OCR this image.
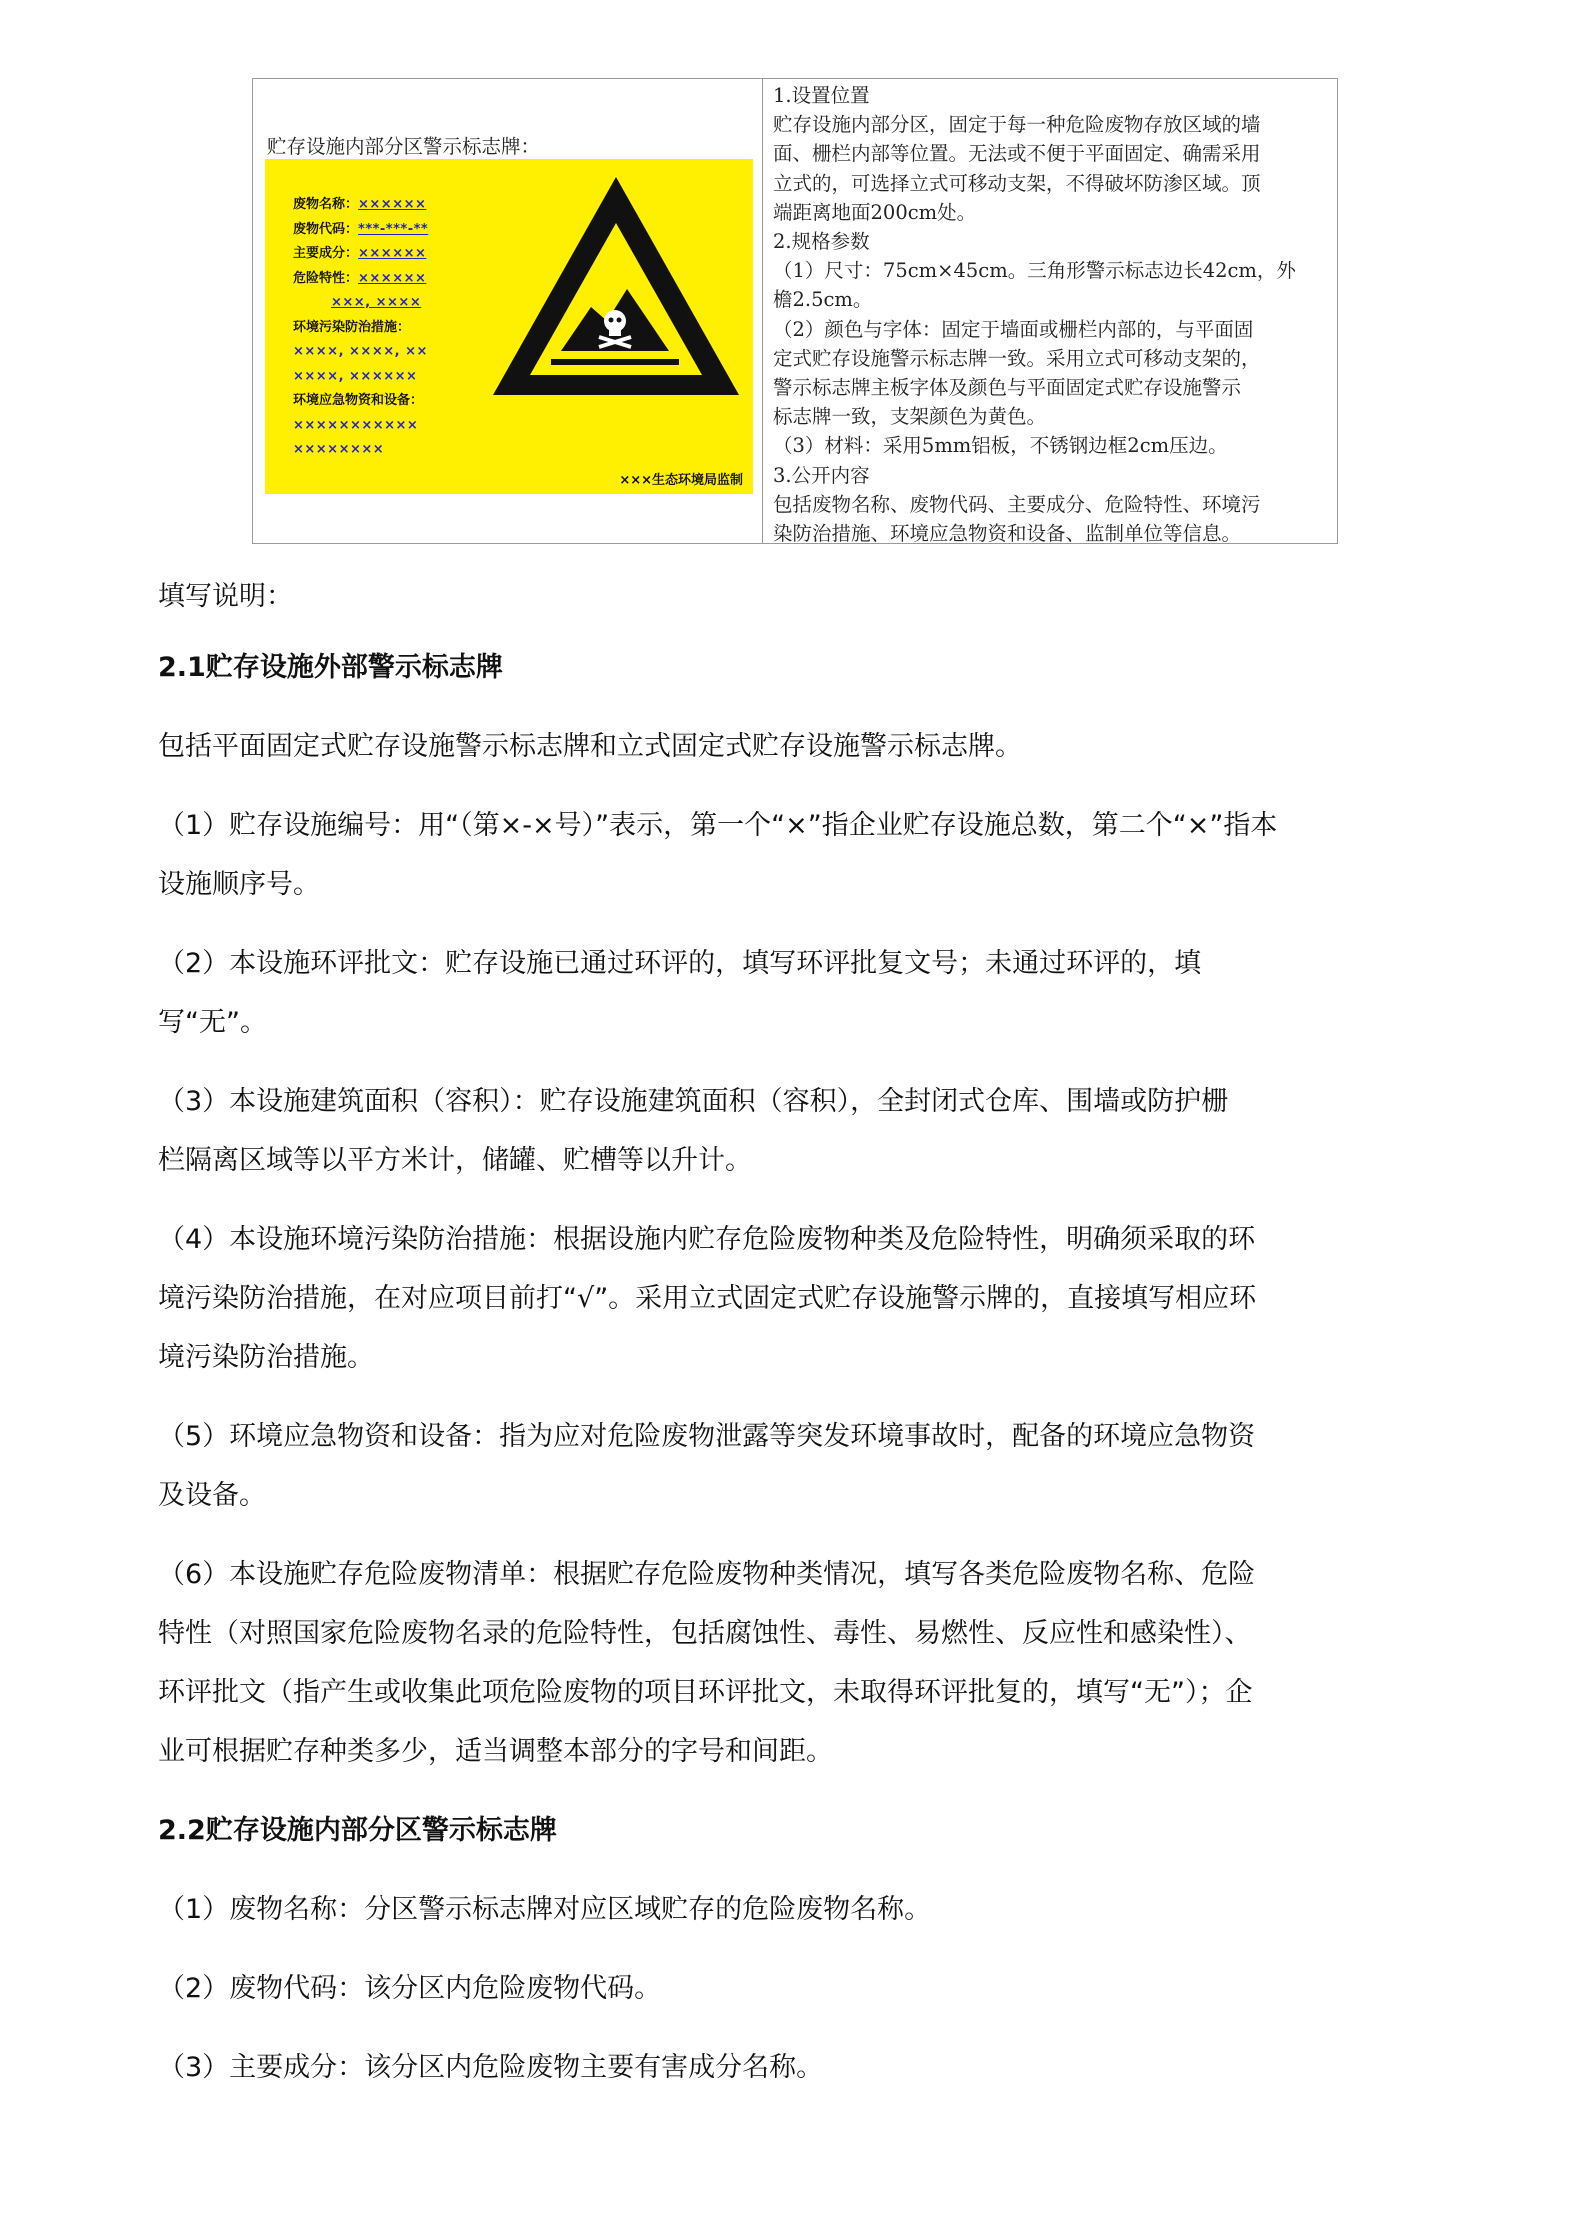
贮存设施内部分区警示标志牌：
废物名称：××××××
废物代码：***-***-**
主要成分：××××××
危险特性：××××××
×××, ××××
环境污染防治措施：
××××, ××××, ××
××××, ××××××
环境应急物资和设备：
×××××××××××
××××××××
×××生态环境局监制

1.设置位置

贮存设施内部分区，固定于每一种危险废物存放区域的墙

面、栅栏内部等位置。无法或不便于平面固定、确需采用

立式的，可选择立式可移动支架，不得破坏防渗区域。顶

端距离地面200cm处。

2.规格参数

（1）尺寸：75cm×45cm。三角形警示标志边长42cm，外

檐2.5cm。

（2）颜色与字体：固定于墙面或栅栏内部的，与平面固

定式贮存设施警示标志牌一致。采用立式可移动支架的，

警示标志牌主板字体及颜色与平面固定式贮存设施警示

标志牌一致，支架颜色为黄色。

（3）材料：采用5mm铝板，不锈钢边框2cm压边。

3.公开内容

包括废物名称、废物代码、主要成分、危险特性、环境污

染防治措施、环境应急物资和设备、监制单位等信息。

填写说明：

2.1贮存设施外部警示标志牌

包括平面固定式贮存设施警示标志牌和立式固定式贮存设施警示标志牌。

（1）贮存设施编号：用“（第×-×号）”表示，第一个“×”指企业贮存设施总数，第二个“×”指本

设施顺序号。

（2）本设施环评批文：贮存设施已通过环评的，填写环评批复文号；未通过环评的，填

写“无”。

（3）本设施建筑面积（容积）：贮存设施建筑面积（容积），全封闭式仓库、围墙或防护栅

栏隔离区域等以平方米计，储罐、贮槽等以升计。

（4）本设施环境污染防治措施：根据设施内贮存危险废物种类及危险特性，明确须采取的环

境污染防治措施，在对应项目前打“√”。采用立式固定式贮存设施警示牌的，直接填写相应环

境污染防治措施。

（5）环境应急物资和设备：指为应对危险废物泄露等突发环境事故时，配备的环境应急物资

及设备。

（6）本设施贮存危险废物清单：根据贮存危险废物种类情况，填写各类危险废物名称、危险

特性（对照国家危险废物名录的危险特性，包括腐蚀性、毒性、易燃性、反应性和感染性）、

环评批文（指产生或收集此项危险废物的项目环评批文，未取得环评批复的，填写“无”）；企

业可根据贮存种类多少，适当调整本部分的字号和间距。

2.2贮存设施内部分区警示标志牌

（1）废物名称：分区警示标志牌对应区域贮存的危险废物名称。

（2）废物代码：该分区内危险废物代码。

（3）主要成分：该分区内危险废物主要有害成分名称。
